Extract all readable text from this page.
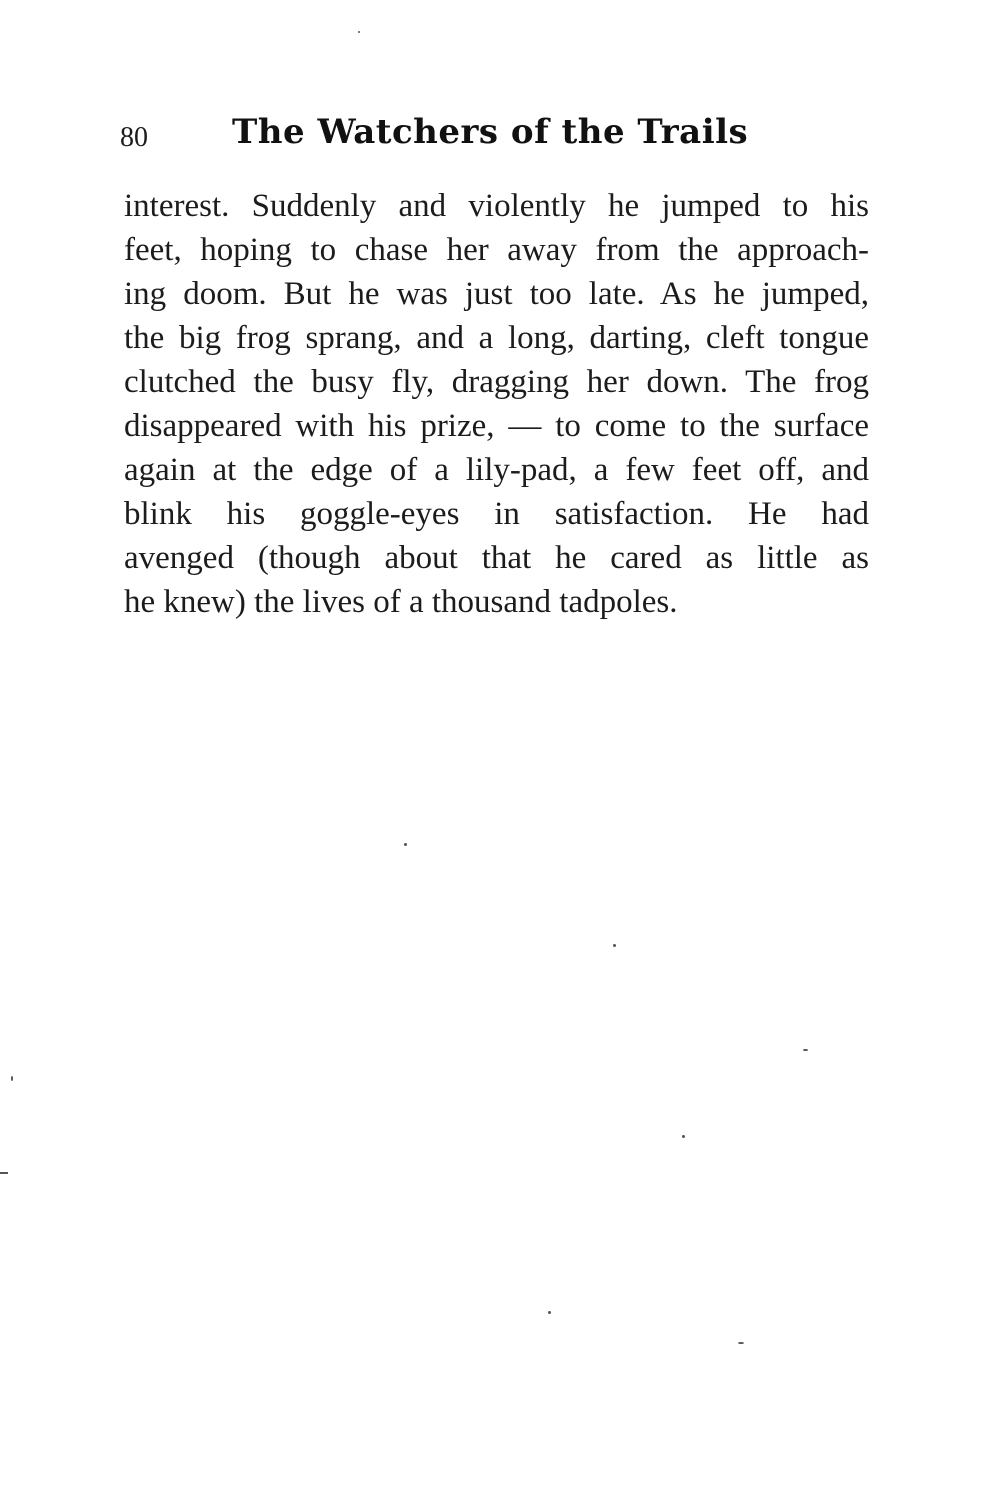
80 The Watchers of the Trails
interest. Suddenly and violently he jumped to his
feet, hoping to chase her away from the approach-
ing doom. But he was just too late. As he jumped,
the big frog sprang, and a long, darting, cleft tongue
clutched the busy fly, dragging her down. The frog
disappeared with his prize, — to come to the surface
again at the edge of a lily-pad, a few feet off, and
blink his goggle-eyes in satisfaction. He had
avenged (though about that he cared as little as
he knew) the lives of a thousand tadpoles.
